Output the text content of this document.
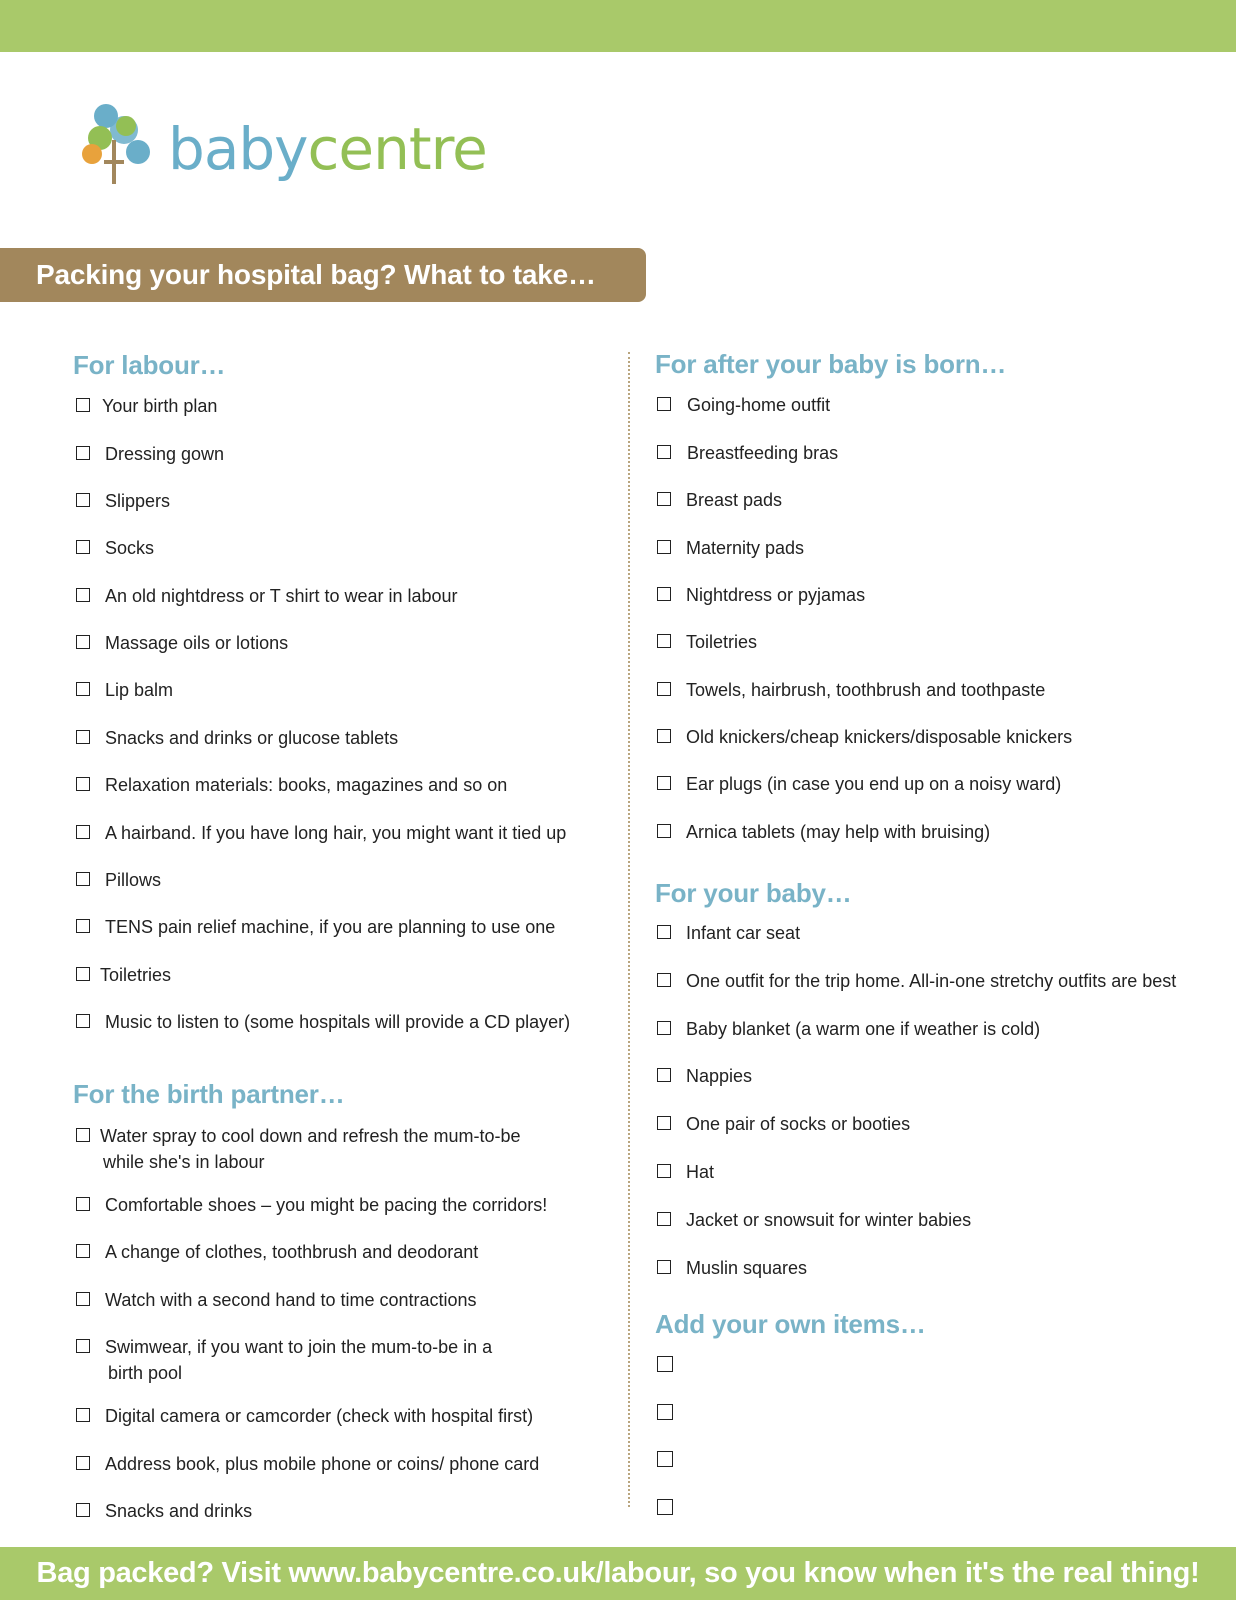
babycentre
Packing your hospital bag? What to take…
For labour…
Your birth plan
Dressing gown
Slippers
Socks
An old nightdress or T shirt to wear in labour
Massage oils or lotions
Lip balm
Snacks and drinks or glucose tablets
Relaxation materials: books, magazines and so on
A hairband. If you have long hair, you might want it tied up
Pillows
TENS pain relief machine, if you are planning to use one
Toiletries
Music to listen to (some hospitals will provide a CD player)
For the birth partner…
Water spray to cool down and refresh the mum-to-be
while she's in labour
Comfortable shoes – you might be pacing the corridors!
A change of clothes, toothbrush and deodorant
Watch with a second hand to time contractions
Swimwear, if you want to join the mum-to-be in a
birth pool
Digital camera or camcorder (check with hospital first)
Address book, plus mobile phone or coins/ phone card
Snacks and drinks
For after your baby is born…
Going-home outfit
Breastfeeding bras
Breast pads
Maternity pads
Nightdress or pyjamas
Toiletries
Towels, hairbrush, toothbrush and toothpaste
Old knickers/cheap knickers/disposable knickers
Ear plugs (in case you end up on a noisy ward)
Arnica tablets (may help with bruising)
For your baby…
Infant car seat
One outfit for the trip home. All-in-one stretchy outfits are best
Baby blanket (a warm one if weather is cold)
Nappies
One pair of socks or booties
Hat
Jacket or snowsuit for winter babies
Muslin squares
Add your own items…
Bag packed? Visit www.babycentre.co.uk/labour, so you know when it's the real thing!
